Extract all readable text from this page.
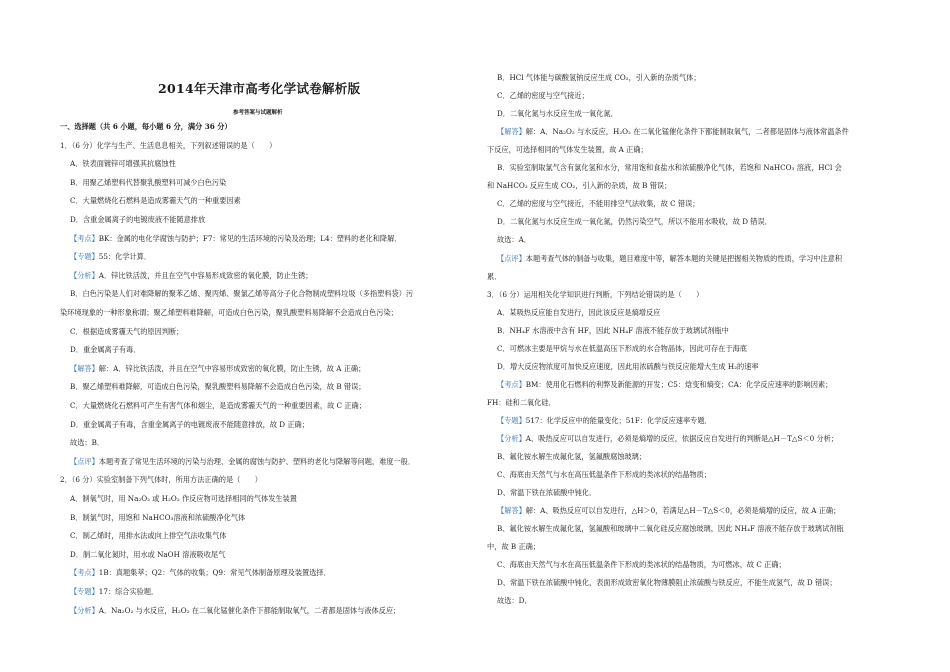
2014年天津市高考化学试卷解析版
参考答案与试题解析
一、选择题（共 6 小题，每小题 6 分，满分 36 分）
1．（6 分）化学与生产、生活息息相关，下列叙述错误的是（　　）
A．铁表面镀锌可增强其抗腐蚀性
B．用聚乙烯塑料代替聚乳酸塑料可减少白色污染
C．大量燃烧化石燃料是造成雾霾天气的一种重要因素
D．含重金属离子的电镀废液不能随意排放
【考点】BK：金属的电化学腐蚀与防护；F7：常见的生活环境的污染及治理；L4：塑料的老化和降解．
【专题】55：化学计算．
【分析】A．锌比铁活泼，并且在空气中容易形成致密的氧化膜，防止生锈；
B．白色污染是人们对难降解的聚苯乙烯、聚丙烯、聚氯乙烯等高分子化合物制成塑料垃圾（多指塑料袋）污
染环境现象的一种形象称谓；聚乙烯塑料难降解，可造成白色污染，聚乳酸塑料易降解不会造成白色污染；
C．根据造成雾霾天气的原因判断；
D．重金属离子有毒．
【解答】解：A．锌比铁活泼，并且在空气中容易形成致密的氧化膜，防止生锈，故 A 正确；
B．聚乙烯塑料难降解，可造成白色污染，聚乳酸塑料易降解不会造成白色污染，故 B 错误；
C．大量燃烧化石燃料可产生有害气体和烟尘，是造成雾霾天气的一种重要因素，故 C 正确；
D．重金属离子有毒，含重金属离子的电镀废液不能随意排放，故 D 正确；
故选：B．
【点评】本题考查了常见生活环境的污染与治理、金属的腐蚀与防护、塑料的老化与降解等问题，难度一般．
2．（6 分）实验室制备下列气体时，所用方法正确的是（　　）
A．制氧气时，用 Na₂O₂ 或 H₂O₂ 作反应物可选择相同的气体发生装置
B．制氯气时，用饱和 NaHCO₃溶液和浓硫酸净化气体
C．制乙烯时，用排水法或向上排空气法收集气体
D．制二氧化氮时，用水或 NaOH 溶液吸收尾气
【考点】1B：真题集萃；Q2：气体的收集；Q9：常见气体制备原理及装置选择．
【专题】17：综合实验题．
【分析】A．Na₂O₂ 与水反应，H₂O₂ 在二氧化锰催化条件下都能制取氧气，二者都是固体与液体反应；
B．HCl 气体能与碳酸氢钠反应生成 CO₂，引入新的杂质气体；
C．乙烯的密度与空气接近；
D．二氧化氮与水反应生成一氧化氮．
【解答】解：A．Na₂O₂ 与水反应，H₂O₂ 在二氧化锰催化条件下都能制取氧气，二者都是固体与液体常温条件
下反应，可选择相同的气体发生装置，故 A 正确；
B．实验室制取氯气含有氯化氢和水分，常用饱和食盐水和浓硫酸净化气体，若饱和 NaHCO₃ 溶液，HCl 会
和 NaHCO₃ 反应生成 CO₂，引入新的杂质，故 B 错误；
C．乙烯的密度与空气接近，不能用排空气法收集，故 C 错误；
D．二氧化氮与水反应生成一氧化氮，仍然污染空气，所以不能用水吸收，故 D 错误．
故选：A．
【点评】本题考查气体的制备与收集，题目难度中等，解答本题的关键是把握相关物质的性质，学习中注意积
累．
3．（6 分）运用相关化学知识进行判断，下列结论错误的是（　　）
A．某吸热反应能自发进行，因此该反应是熵增反应
B．NH₄F 水溶液中含有 HF，因此 NH₄F 溶液不能存放于玻璃试剂瓶中
C．可燃冰主要是甲烷与水在低温高压下形成的水合物晶体，因此可存在于海底
D．增大反应物浓度可加快反应速度，因此用浓硫酸与铁反应能增大生成 H₂的速率
【考点】BM：使用化石燃料的利弊及新能源的开发；C5：焓变和熵变；CA：化学反应速率的影响因素；
FH：硅和二氧化硅．
【专题】517：化学反应中的能量变化；51F：化学反应速率专题．
【分析】A、吸热反应可以自发进行，必须是熵增的反应，依据反应自发进行的判断是△H－T△S＜0 分析；
B、氟化铵水解生成氟化氢，氢氟酸腐蚀玻璃；
C、海底由天然气与水在高压低温条件下形成的类冰状的结晶物质；
D、常温下铁在浓硫酸中钝化．
【解答】解：A、吸热反应可以自发进行，△H＞0，若满足△H－T△S＜0，必须是熵增的反应，故 A 正确；
B、氟化铵水解生成氟化氢，氢氟酸和玻璃中二氧化硅反应腐蚀玻璃，因此 NH₄F 溶液不能存放于玻璃试剂瓶
中，故 B 正确；
C、海底由天然气与水在高压低温条件下形成的类冰状的结晶物质，为可燃冰，故 C 正确；
D、常温下铁在浓硫酸中钝化，表面形成致密氧化物薄膜阻止浓硫酸与铁反应，不能生成氢气，故 D 错误；
故选：D．
